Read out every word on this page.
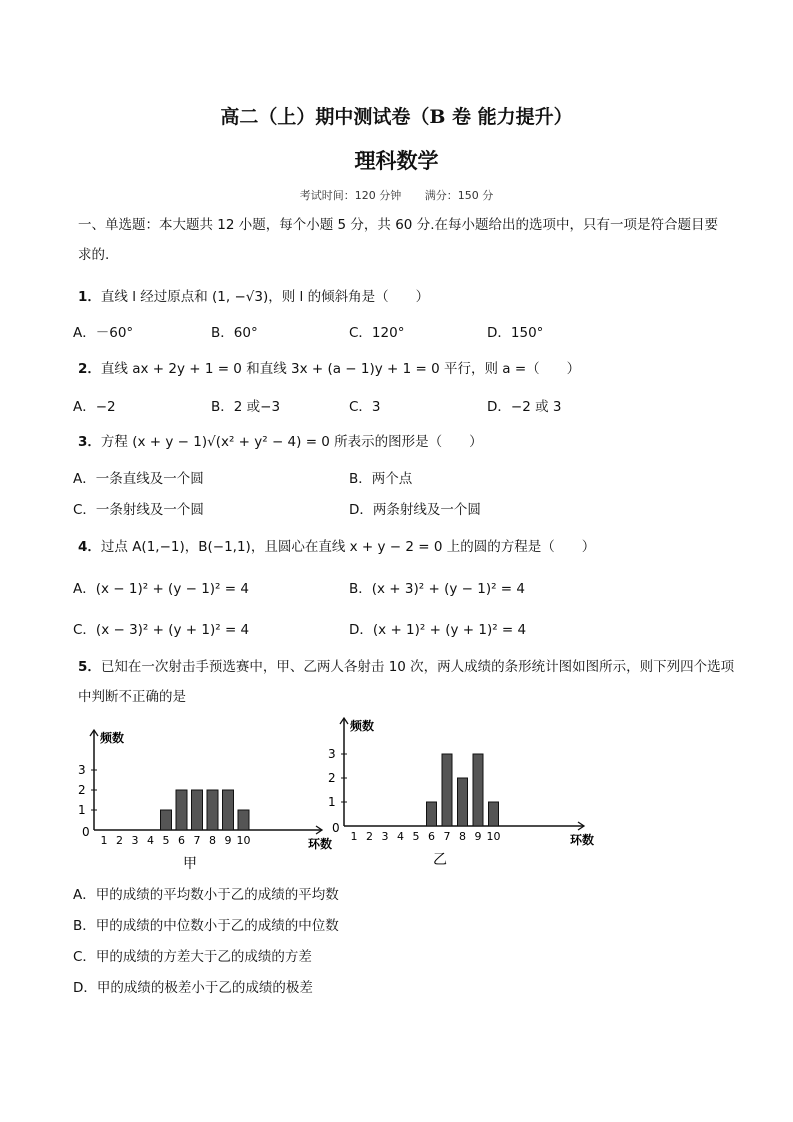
高二（上）期中测试卷（B 卷 能力提升）
理科数学
考试时间：120 分钟 满分：150 分
一、单选题：本大题共 12 小题，每个小题 5 分，共 60 分.在每小题给出的选项中，只有一项是符合题目要求的.
1．直线 l 经过原点和 (1, −√3)，则 l 的倾斜角是（　　）
A．－60°	B．60°	C．120°	D．150°
2．直线 ax + 2y + 1 = 0 和直线 3x + (a − 1)y + 1 = 0 平行，则 a =（　　）
A．−2	B．2 或−3	C．3	D．−2 或 3
3．方程 (x + y − 1)√(x² + y² − 4) = 0 所表示的图形是（　　）
A．一条直线及一个圆	B．两个点
C．一条射线及一个圆	D．两条射线及一个圆
4．过点 A(1,−1)，B(−1,1)，且圆心在直线 x + y − 2 = 0 上的圆的方程是（　　）
A．(x − 1)² + (y − 1)² = 4	B．(x + 3)² + (y − 1)² = 4
C．(x − 3)² + (y + 1)² = 4	D．(x + 1)² + (y + 1)² = 4
5．已知在一次射击手预选赛中，甲、乙两人各射击 10 次，两人成绩的条形统计图如图所示，则下列四个选项
中判断不正确的是
0
频数
1
2
3
1 2 3 4 5 6 7 8 9 10	环数
甲
0
频数
1
2
3
1 2 3 4 5 6 7 8 9 10	环数
乙
A．甲的成绩的平均数小于乙的成绩的平均数
B．甲的成绩的中位数小于乙的成绩的中位数
C．甲的成绩的方差大于乙的成绩的方差
D．甲的成绩的极差小于乙的成绩的极差
